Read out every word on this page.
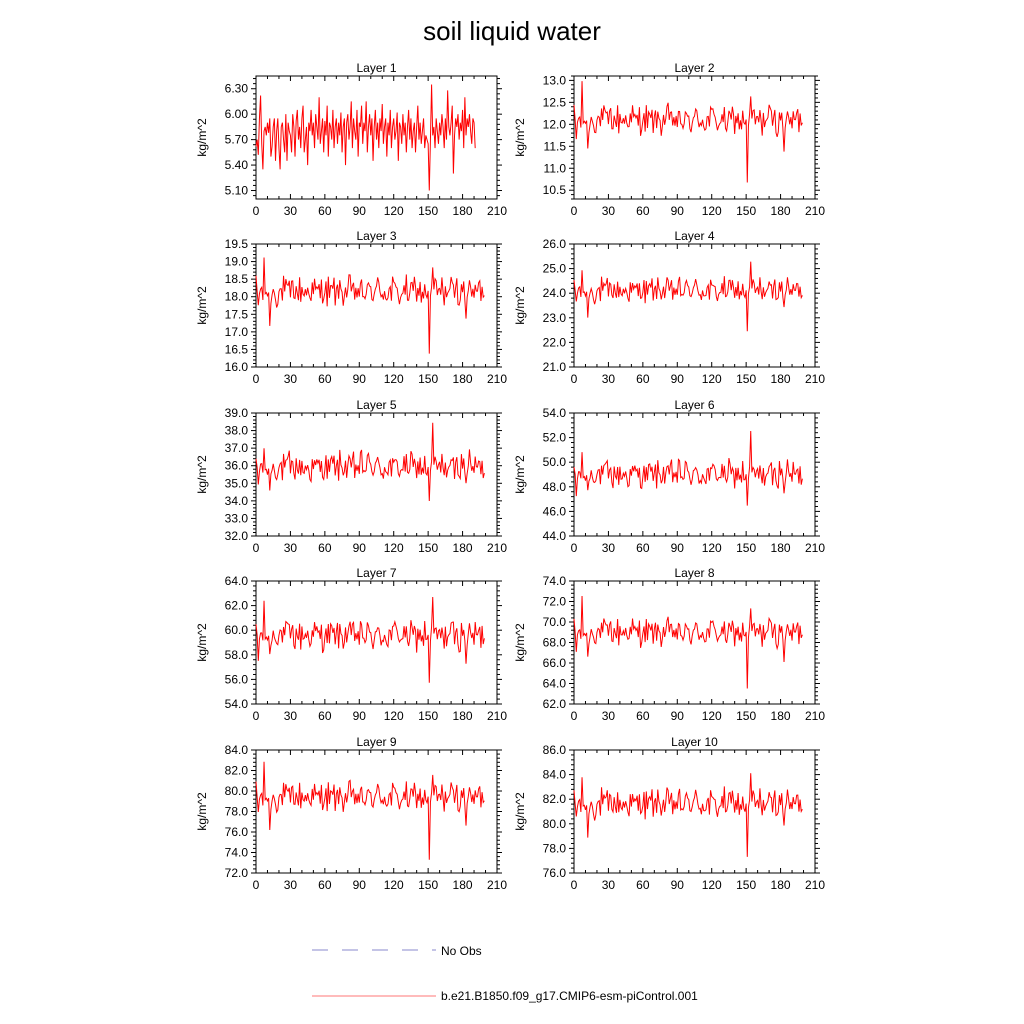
soil liquid water
Layer 1
0 30 60 90 120 150 180 210
5.10
5.40
5.70
6.00
6.30
kg/m^2
Layer 2
0 30 60 90 120 150 180 210
10.5
11.0
11.5
12.0
12.5
13.0
kg/m^2
Layer 3
0 30 60 90 120 150 180 210
16.0
16.5
17.0
17.5
18.0
18.5
19.0
19.5
kg/m^2
Layer 4
0 30 60 90 120 150 180 210
21.0
22.0
23.0
24.0
25.0
26.0
kg/m^2
Layer 5
0 30 60 90 120 150 180 210
32.0
33.0
34.0
35.0
36.0
37.0
38.0
39.0
kg/m^2
Layer 6
0 30 60 90 120 150 180 210
44.0
46.0
48.0
50.0
52.0
54.0
kg/m^2
Layer 7
0 30 60 90 120 150 180 210
54.0
56.0
58.0
60.0
62.0
64.0
kg/m^2
Layer 8
0 30 60 90 120 150 180 210
62.0
64.0
66.0
68.0
70.0
72.0
74.0
kg/m^2
Layer 9
0 30 60 90 120 150 180 210
72.0
74.0
76.0
78.0
80.0
82.0
84.0
kg/m^2
Layer 10
0 30 60 90 120 150 180 210
76.0
78.0
80.0
82.0
84.0
86.0
kg/m^2
No Obs
b.e21.B1850.f09_g17.CMIP6-esm-piControl.001
